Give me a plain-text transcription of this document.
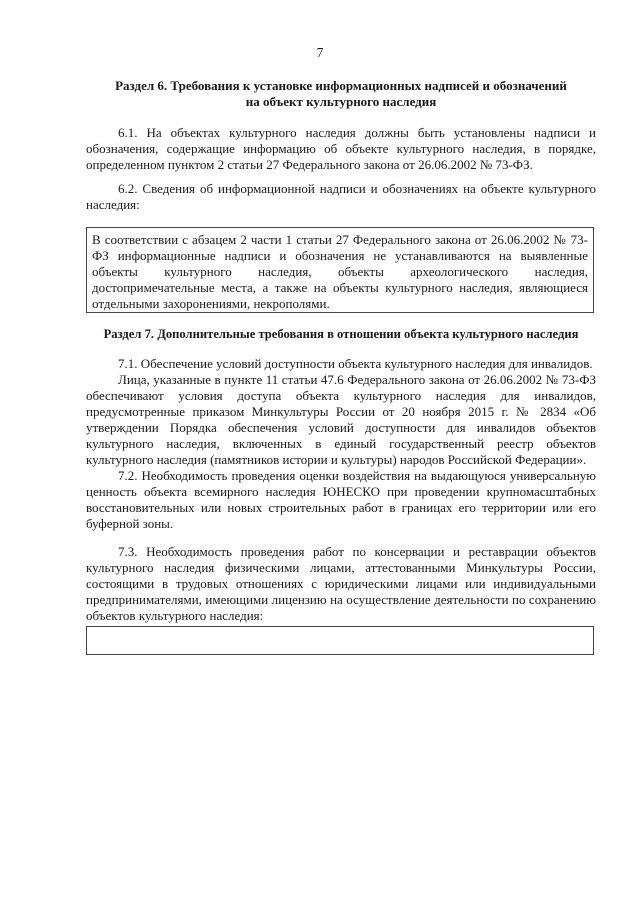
7
Раздел 6. Требования к установке информационных надписей и обозначений
на объект культурного наследия
6.1. На объектах культурного наследия должны быть установлены надписи и обозначения, содержащие информацию об объекте культурного наследия, в порядке, определенном пунктом 2 статьи 27 Федерального закона от 26.06.2002 № 73-ФЗ.
6.2. Сведения об информационной надписи и обозначениях на объекте культурного наследия:
В соответствии с абзацем 2 части 1 статьи 27 Федерального закона от 26.06.2002 № 73-ФЗ информационные надписи и обозначения не устанавливаются на выявленные объекты культурного наследия, объекты археологического наследия, достопримечательные места, а также на объекты культурного наследия, являющиеся отдельными захоронениями, некрополями.
Раздел 7. Дополнительные требования в отношении объекта культурного наследия
7.1. Обеспечение условий доступности объекта культурного наследия для инвалидов.
Лица, указанные в пункте 11 статьи 47.6 Федерального закона от 26.06.2002 № 73-ФЗ обеспечивают условия доступа объекта культурного наследия для инвалидов, предусмотренные приказом Минкультуры России от 20 ноября 2015 г. № 2834 «Об утверждении Порядка обеспечения условий доступности для инвалидов объектов культурного наследия, включенных в единый государственный реестр объектов культурного наследия (памятников истории и культуры) народов Российской Федерации».
7.2. Необходимость проведения оценки воздействия на выдающуюся универсальную ценность объекта всемирного наследия ЮНЕСКО при проведении крупномасштабных восстановительных или новых строительных работ в границах его территории или его буферной зоны.
7.3. Необходимость проведения работ по консервации и реставрации объектов культурного наследия физическими лицами, аттестованными Минкультуры России, состоящими в трудовых отношениях с юридическими лицами или индивидуальными предпринимателями, имеющими лицензию на осуществление деятельности по сохранению объектов культурного наследия:
